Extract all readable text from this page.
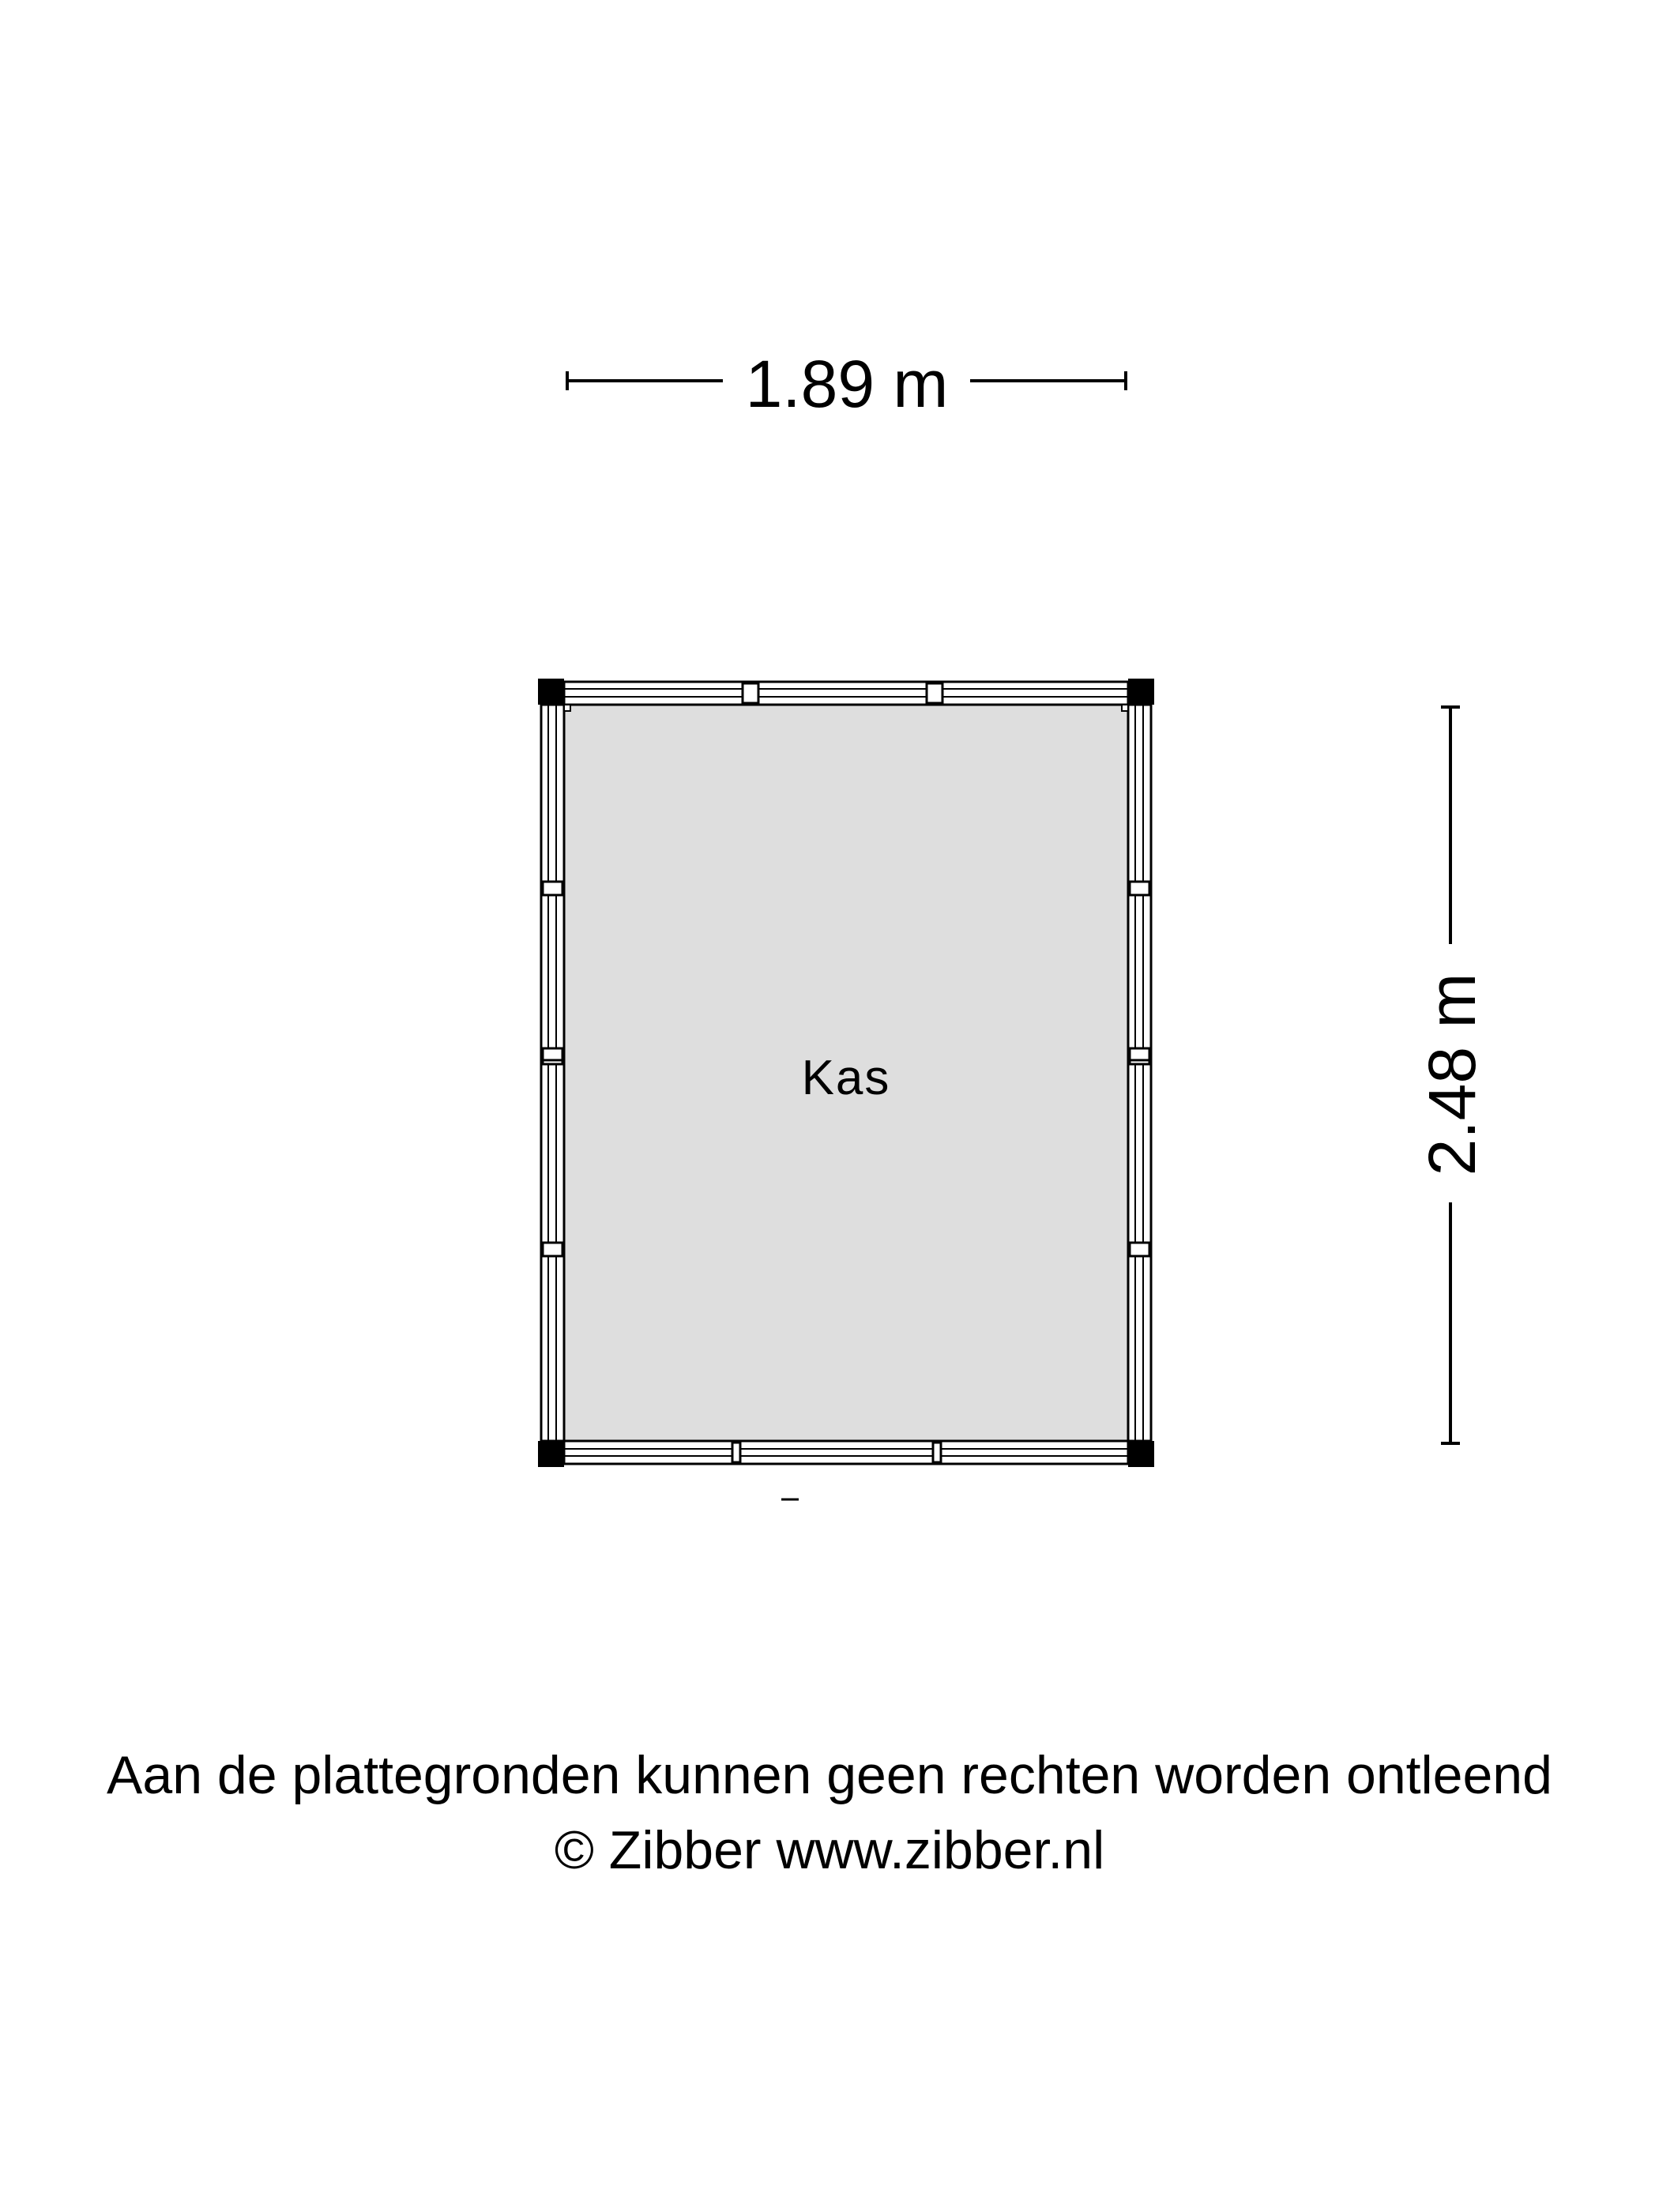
1.89 m
2.48 m
Kas
Aan de plattegronden kunnen geen rechten worden ontleend
© Zibber www.zibber.nl
